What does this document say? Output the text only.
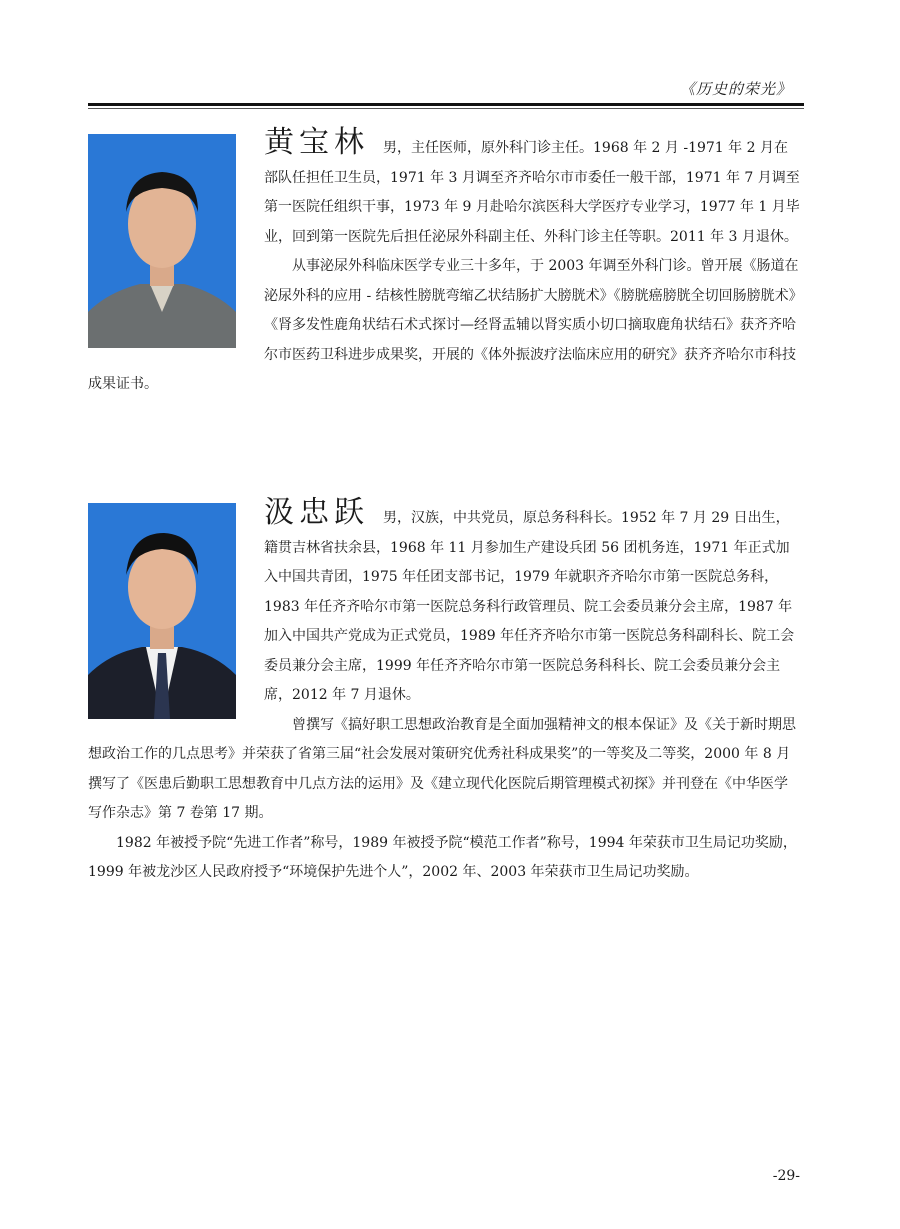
《历史的荣光》

黄宝林 男，主任医师，原外科门诊主任。1968 年 2 月 -1971 年 2 月在部队任担任卫生员，1971 年 3 月调至齐齐哈尔市市委任一般干部，1971 年 7 月调至第一医院任组织干事，1973 年 9 月赴哈尔滨医科大学医疗专业学习，1977 年 1 月毕业，回到第一医院先后担任泌尿外科副主任、外科门诊主任等职。2011 年 3 月退休。

从事泌尿外科临床医学专业三十多年，于 2003 年调至外科门诊。曾开展《肠道在泌尿外科的应用 - 结核性膀胱弯缩乙状结肠扩大膀胱术》《膀胱癌膀胱全切回肠膀胱术》《肾多发性鹿角状结石术式探讨—经肾盂辅以肾实质小切口摘取鹿角状结石》获齐齐哈尔市医药卫科进步成果奖，开展的《体外振波疗法临床应用的研究》获齐齐哈尔市科技成果证书。

汲忠跃 男，汉族，中共党员，原总务科科长。1952 年 7 月 29 日出生，籍贯吉林省扶余县，1968 年 11 月参加生产建设兵团 56 团机务连，1971 年正式加入中国共青团，1975 年任团支部书记，1979 年就职齐齐哈尔市第一医院总务科，1983 年任齐齐哈尔市第一医院总务科行政管理员、院工会委员兼分会主席，1987 年加入中国共产党成为正式党员，1989 年任齐齐哈尔市第一医院总务科副科长、院工会委员兼分会主席，1999 年任齐齐哈尔市第一医院总务科科长、院工会委员兼分会主席，2012 年 7 月退休。

曾撰写《搞好职工思想政治教育是全面加强精神文的根本保证》及《关于新时期思想政治工作的几点思考》并荣获了省第三届“社会发展对策研究优秀社科成果奖”的一等奖及二等奖，2000 年 8 月撰写了《医患后勤职工思想教育中几点方法的运用》及《建立现代化医院后期管理模式初探》并刊登在《中华医学写作杂志》第 7 卷第 17 期。

1982 年被授予院“先进工作者”称号，1989 年被授予院“模范工作者”称号，1994 年荣获市卫生局记功奖励，1999 年被龙沙区人民政府授予“环境保护先进个人”，2002 年、2003 年荣获市卫生局记功奖励。

-29-
